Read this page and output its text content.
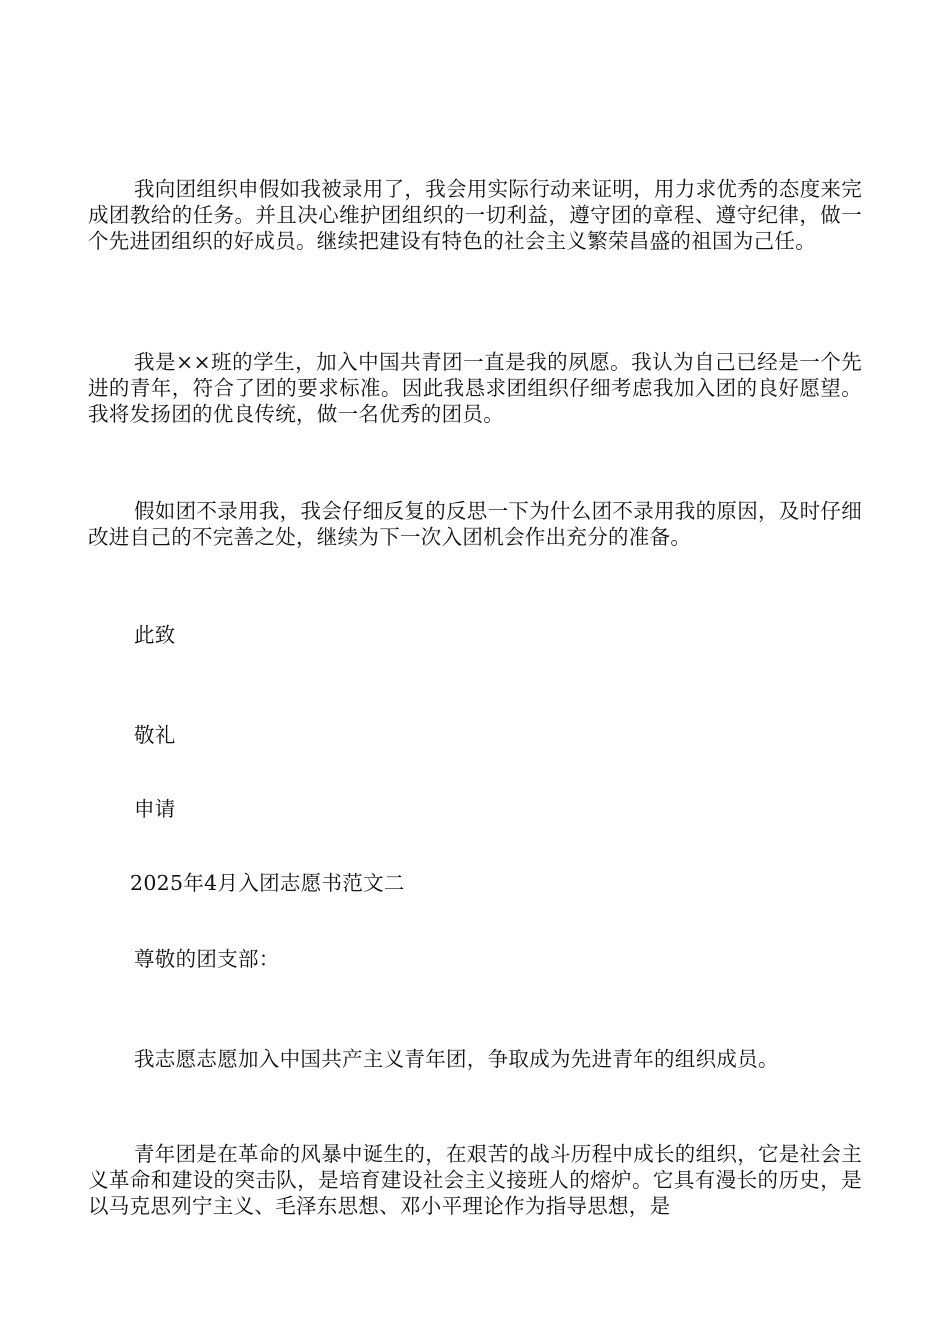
我向团组织申假如我被录用了，我会用实际行动来证明，用力求优秀的态度来完成团教给的任务。并且决心维护团组织的一切利益，遵守团的章程、遵守纪律，做一个先进团组织的好成员。继续把建设有特色的社会主义繁荣昌盛的祖国为己任。

我是××班的学生，加入中国共青团一直是我的夙愿。我认为自己已经是一个先进的青年，符合了团的要求标准。因此我恳求团组织仔细考虑我加入团的良好愿望。我将发扬团的优良传统，做一名优秀的团员。

假如团不录用我，我会仔细反复的反思一下为什么团不录用我的原因，及时仔细改进自己的不完善之处，继续为下一次入团机会作出充分的准备。

此致

敬礼

申请

2025年4月入团志愿书范文二

尊敬的团支部：

我志愿志愿加入中国共产主义青年团，争取成为先进青年的组织成员。

青年团是在革命的风暴中诞生的，在艰苦的战斗历程中成长的组织，它是社会主义革命和建设的突击队，是培育建设社会主义接班人的熔炉。它具有漫长的历史，是以马克思列宁主义、毛泽东思想、邓小平理论作为指导思想，是
